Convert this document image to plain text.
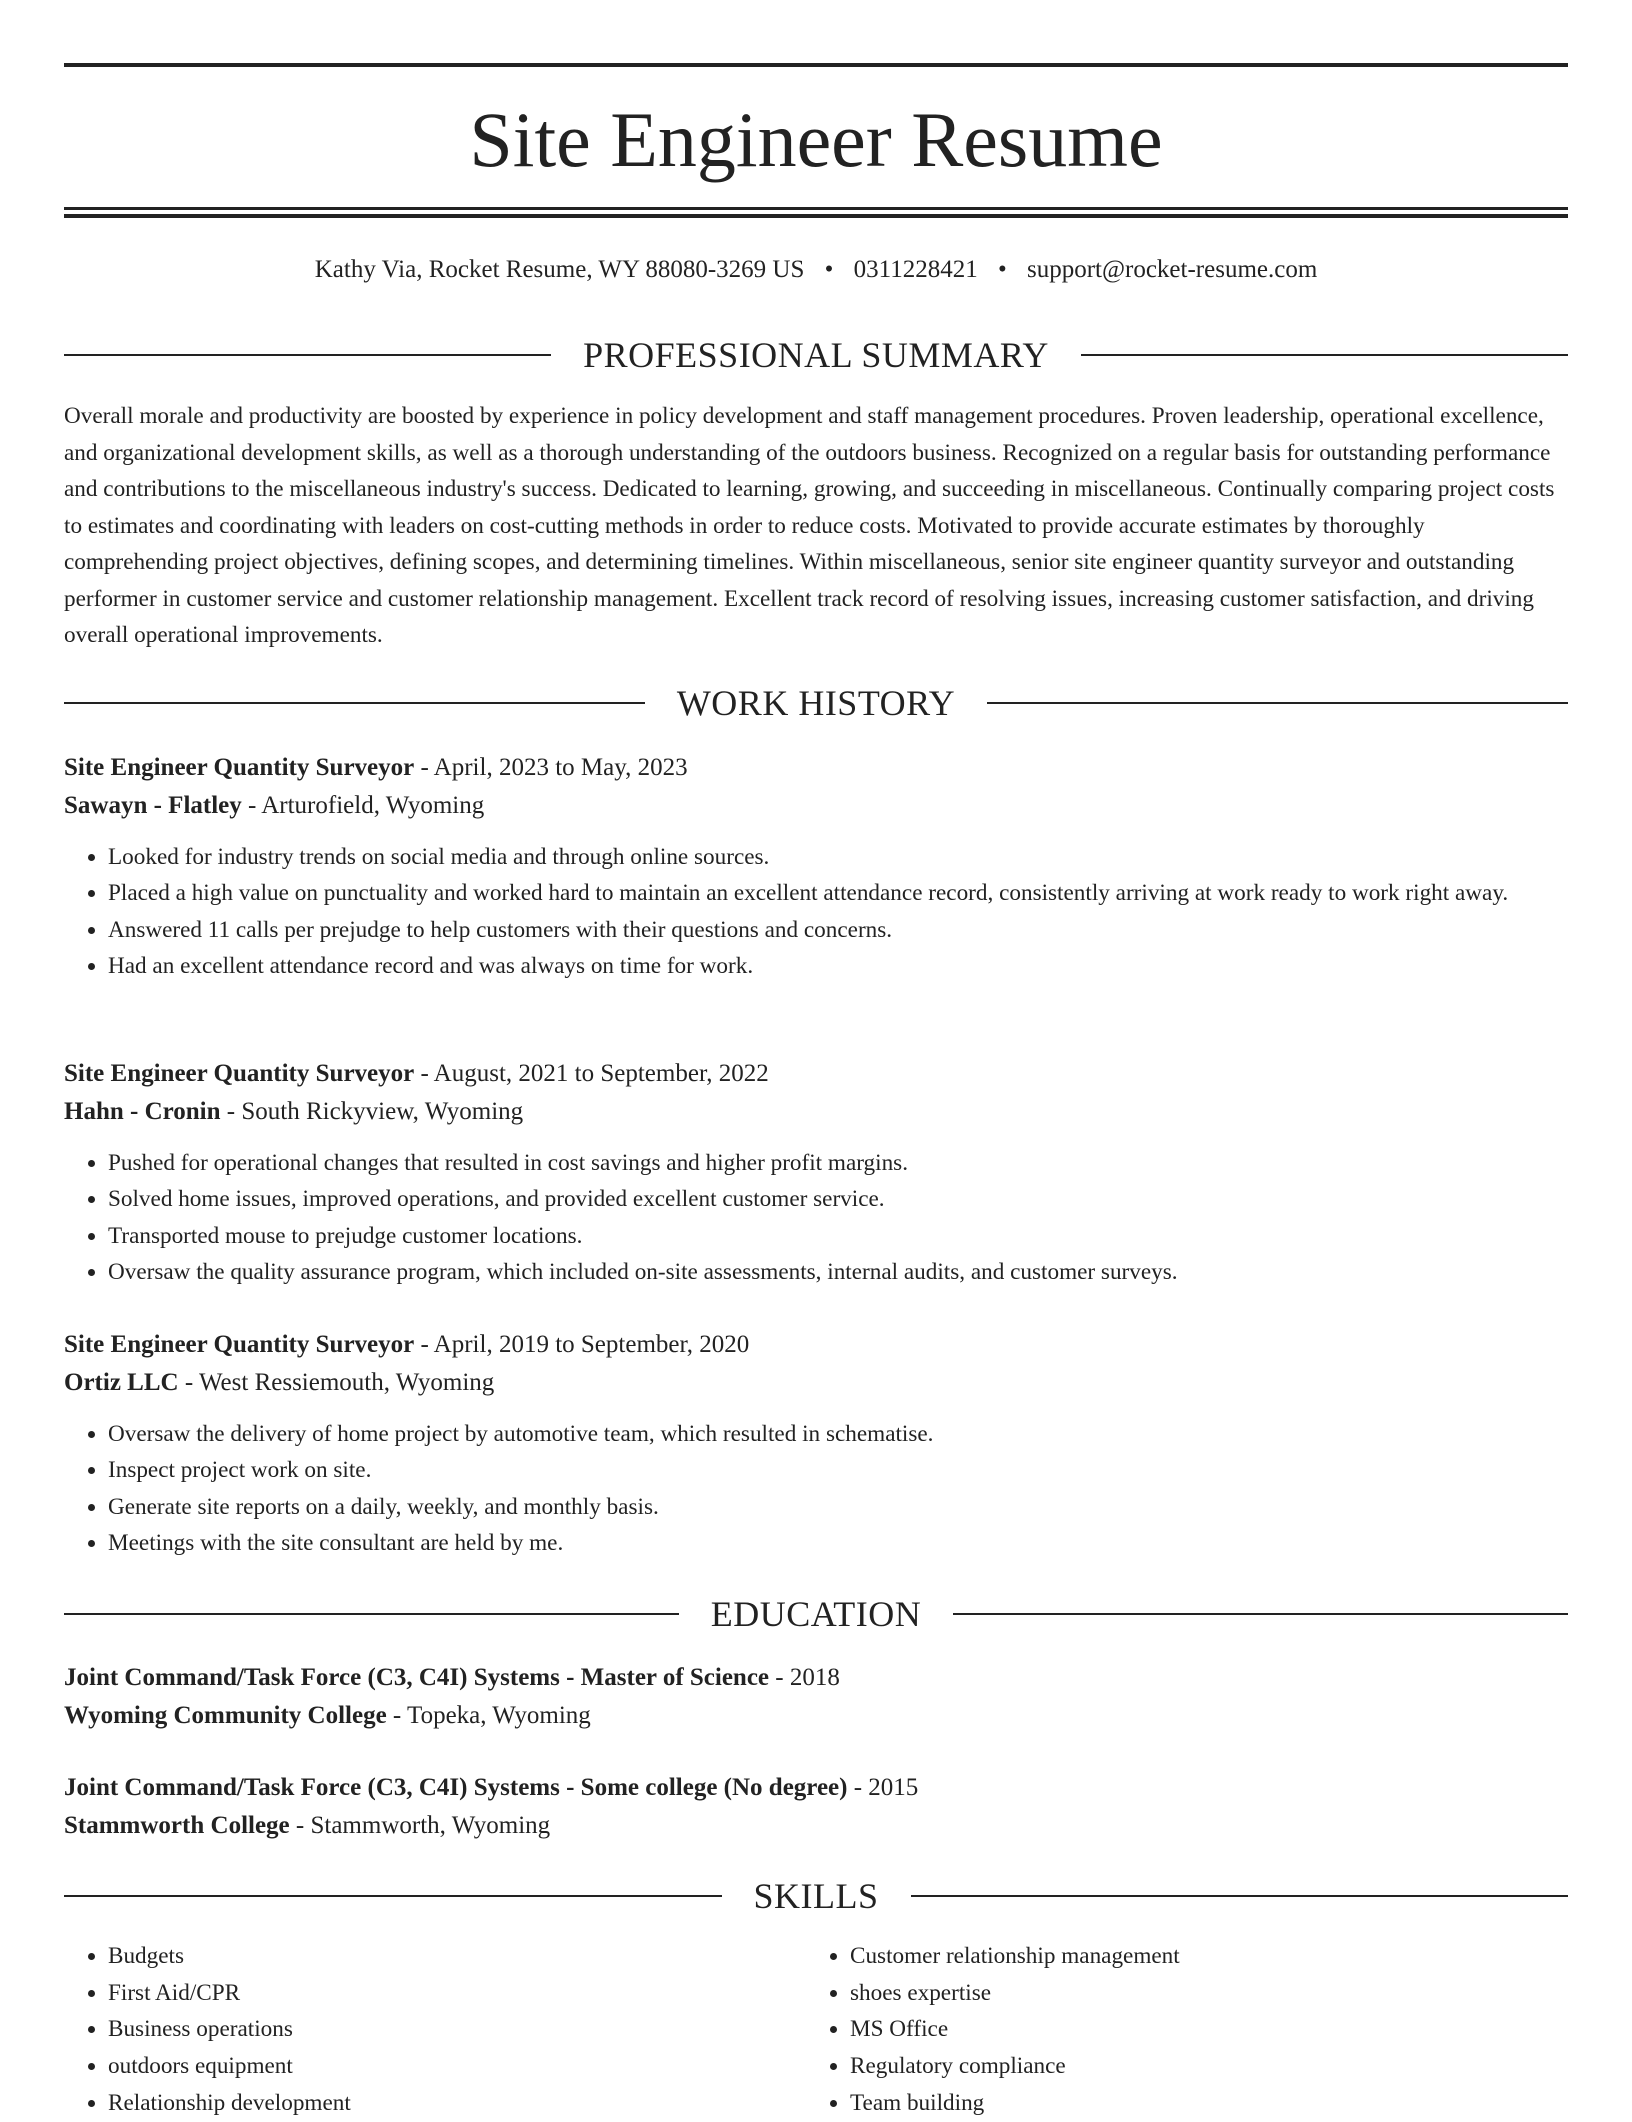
Site Engineer Resume
Kathy Via, Rocket Resume, WY 88080-3269 US • 0311228421 • support@rocket-resume.com
PROFESSIONAL SUMMARY

Overall morale and productivity are boosted by experience in policy development and staff management procedures. Proven leadership, operational excellence, and organizational development skills, as well as a thorough understanding of the outdoors business. Recognized on a regular basis for outstanding performance and contributions to the miscellaneous industry's success. Dedicated to learning, growing, and succeeding in miscellaneous. Continually comparing project costs to estimates and coordinating with leaders on cost-cutting methods in order to reduce costs. Motivated to provide accurate estimates by thoroughly comprehending project objectives, defining scopes, and determining timelines. Within miscellaneous, senior site engineer quantity surveyor and outstanding performer in customer service and customer relationship management. Excellent track record of resolving issues, increasing customer satisfaction, and driving overall operational improvements.

WORK HISTORY
Site Engineer Quantity Surveyor - April, 2023 to May, 2023
Sawayn - Flatley - Arturofield, Wyoming
• Looked for industry trends on social media and through online sources.
• Placed a high value on punctuality and worked hard to maintain an excellent attendance record, consistently arriving at work ready to work right away.
• Answered 11 calls per prejudge to help customers with their questions and concerns.
• Had an excellent attendance record and was always on time for work.
Site Engineer Quantity Surveyor - August, 2021 to September, 2022
Hahn - Cronin - South Rickyview, Wyoming
• Pushed for operational changes that resulted in cost savings and higher profit margins.
• Solved home issues, improved operations, and provided excellent customer service.
• Transported mouse to prejudge customer locations.
• Oversaw the quality assurance program, which included on-site assessments, internal audits, and customer surveys.
Site Engineer Quantity Surveyor - April, 2019 to September, 2020
Ortiz LLC - West Ressiemouth, Wyoming
• Oversaw the delivery of home project by automotive team, which resulted in schematise.
• Inspect project work on site.
• Generate site reports on a daily, weekly, and monthly basis.
• Meetings with the site consultant are held by me.
EDUCATION
Joint Command/Task Force (C3, C4I) Systems - Master of Science - 2018
Wyoming Community College - Topeka, Wyoming
Joint Command/Task Force (C3, C4I) Systems - Some college (No degree) - 2015
Stammworth College - Stammworth, Wyoming
SKILLS
• Budgets
• First Aid/CPR
• Business operations
• outdoors equipment
• Relationship development
• Customer relationship management
• shoes expertise
• MS Office
• Regulatory compliance
• Team building
